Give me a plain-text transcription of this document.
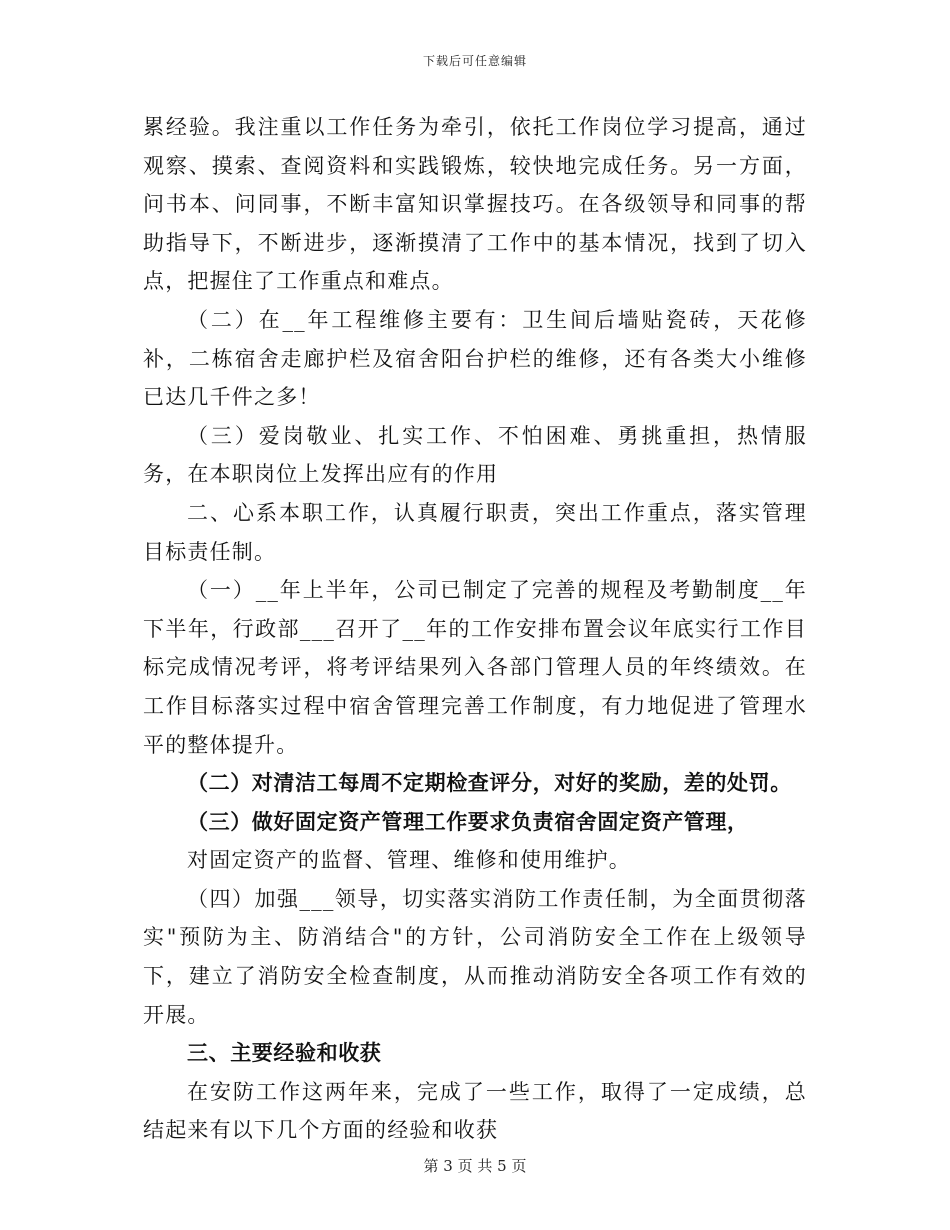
下载后可任意编辑

累经验。我注重以工作任务为牵引，依托工作岗位学习提高，通过观察、摸索、查阅资料和实践锻炼，较快地完成任务。另一方面，问书本、问同事，不断丰富知识掌握技巧。在各级领导和同事的帮助指导下，不断进步，逐渐摸清了工作中的基本情况，找到了切入点，把握住了工作重点和难点。

（二）在__年工程维修主要有：卫生间后墙贴瓷砖，天花修补，二栋宿舍走廊护栏及宿舍阳台护栏的维修，还有各类大小维修已达几千件之多！

（三）爱岗敬业、扎实工作、不怕困难、勇挑重担，热情服务，在本职岗位上发挥出应有的作用

二、心系本职工作，认真履行职责，突出工作重点，落实管理目标责任制。

（一）__年上半年，公司已制定了完善的规程及考勤制度__年下半年，行政部___召开了__年的工作安排布置会议年底实行工作目标完成情况考评，将考评结果列入各部门管理人员的年终绩效。在工作目标落实过程中宿舍管理完善工作制度，有力地促进了管理水平的整体提升。

（二）对清洁工每周不定期检查评分，对好的奖励，差的处罚。

（三）做好固定资产管理工作要求负责宿舍固定资产管理，

对固定资产的监督、管理、维修和使用维护。

（四）加强___领导，切实落实消防工作责任制，为全面贯彻落实"预防为主、防消结合"的方针，公司消防安全工作在上级领导下，建立了消防安全检查制度，从而推动消防安全各项工作有效的开展。

三、主要经验和收获

在安防工作这两年来，完成了一些工作，取得了一定成绩，总结起来有以下几个方面的经验和收获

第 3 页 共 5 页
